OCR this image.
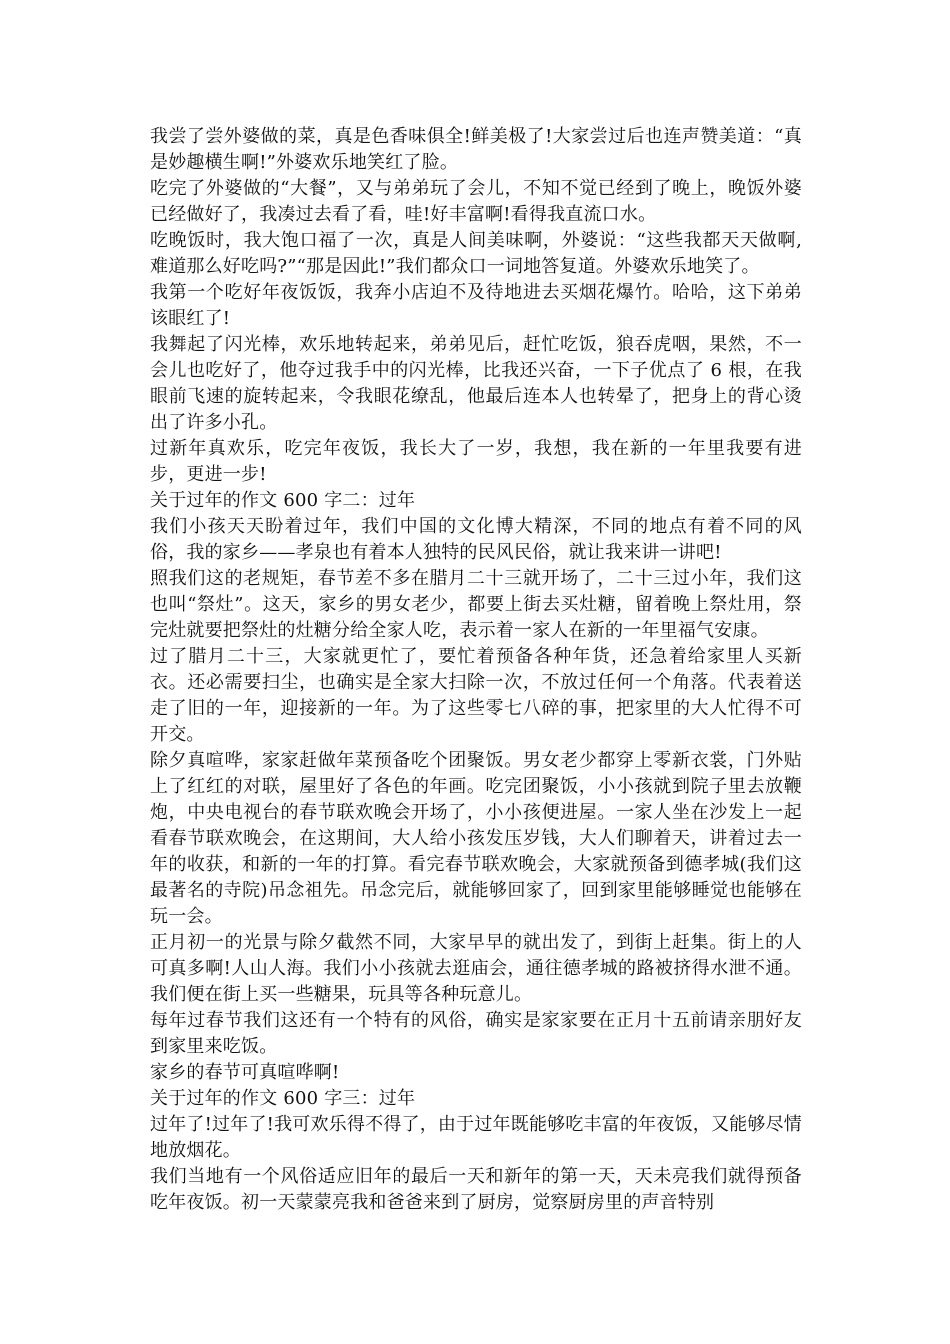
我尝了尝外婆做的菜，真是色香味俱全!鲜美极了!大家尝过后也连声赞美道：“真是妙趣横生啊!”外婆欢乐地笑红了脸。

吃完了外婆做的“大餐”，又与弟弟玩了会儿，不知不觉已经到了晚上，晚饭外婆已经做好了，我凑过去看了看，哇!好丰富啊!看得我直流口水。

吃晚饭时，我大饱口福了一次，真是人间美味啊，外婆说：“这些我都天天做啊,难道那么好吃吗?”“那是因此!”我们都众口一词地答复道。外婆欢乐地笑了。

我第一个吃好年夜饭饭，我奔小店迫不及待地进去买烟花爆竹。哈哈，这下弟弟该眼红了!

我舞起了闪光棒，欢乐地转起来，弟弟见后，赶忙吃饭，狼吞虎咽，果然，不一会儿也吃好了，他夺过我手中的闪光棒，比我还兴奋，一下子优点了 6 根，在我眼前飞速的旋转起来，令我眼花缭乱，他最后连本人也转晕了，把身上的背心烫出了许多小孔。

过新年真欢乐，吃完年夜饭，我长大了一岁，我想，我在新的一年里我要有进步，更进一步!

关于过年的作文 600 字二：过年

我们小孩天天盼着过年，我们中国的文化博大精深，不同的地点有着不同的风俗，我的家乡——孝泉也有着本人独特的民风民俗，就让我来讲一讲吧!

照我们这的老规矩，春节差不多在腊月二十三就开场了，二十三过小年，我们这也叫“祭灶”。这天，家乡的男女老少，都要上街去买灶糖，留着晚上祭灶用，祭完灶就要把祭灶的灶糖分给全家人吃，表示着一家人在新的一年里福气安康。

过了腊月二十三，大家就更忙了，要忙着预备各种年货，还急着给家里人买新衣。还必需要扫尘，也确实是全家大扫除一次，不放过任何一个角落。代表着送走了旧的一年，迎接新的一年。为了这些零七八碎的事，把家里的大人忙得不可开交。

除夕真喧哗，家家赶做年菜预备吃个团聚饭。男女老少都穿上零新衣裳，门外贴上了红红的对联，屋里好了各色的年画。吃完团聚饭，小小孩就到院子里去放鞭炮，中央电视台的春节联欢晚会开场了，小小孩便进屋。一家人坐在沙发上一起看春节联欢晚会，在这期间，大人给小孩发压岁钱，大人们聊着天，讲着过去一年的收获，和新的一年的打算。看完春节联欢晚会，大家就预备到德孝城(我们这最著名的寺院)吊念祖先。吊念完后，就能够回家了，回到家里能够睡觉也能够在玩一会。

正月初一的光景与除夕截然不同，大家早早的就出发了，到街上赶集。街上的人可真多啊!人山人海。我们小小孩就去逛庙会，通往德孝城的路被挤得水泄不通。我们便在街上买一些糖果，玩具等各种玩意儿。

每年过春节我们这还有一个特有的风俗，确实是家家要在正月十五前请亲朋好友到家里来吃饭。

家乡的春节可真喧哗啊!

关于过年的作文 600 字三：过年

过年了!过年了!我可欢乐得不得了，由于过年既能够吃丰富的年夜饭，又能够尽情地放烟花。

我们当地有一个风俗适应旧年的最后一天和新年的第一天，天未亮我们就得预备吃年夜饭。初一天蒙蒙亮我和爸爸来到了厨房，觉察厨房里的声音特别
